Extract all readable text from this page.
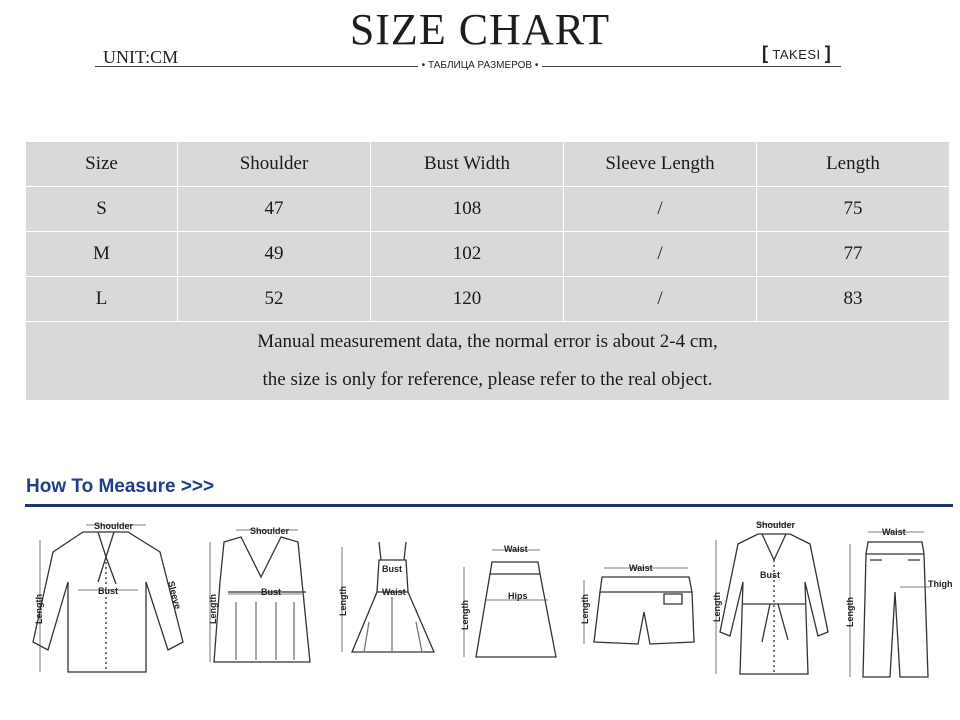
SIZE CHART
UNIT:CM	[ TAKESI ]
• ТАБЛИЦА РАЗМЕРОВ •
Size	Shoulder	Bust Width	Sleeve Length	Length
S	47	108	/	75
M	49	102	/	77
L	52	120	/	83

Manual measurement data, the normal error is about 2-4 cm,
the size is only for reference, please refer to the real object.				
How To Measure >>>
Shoulder
Bust	Sleeve
Length
Shoulder
Bust
Length
Bust
Waist
Length
Waist
Hips
Length
Waist
Length
Shoulder
Bust
Length
Waist
Thigh
Length
